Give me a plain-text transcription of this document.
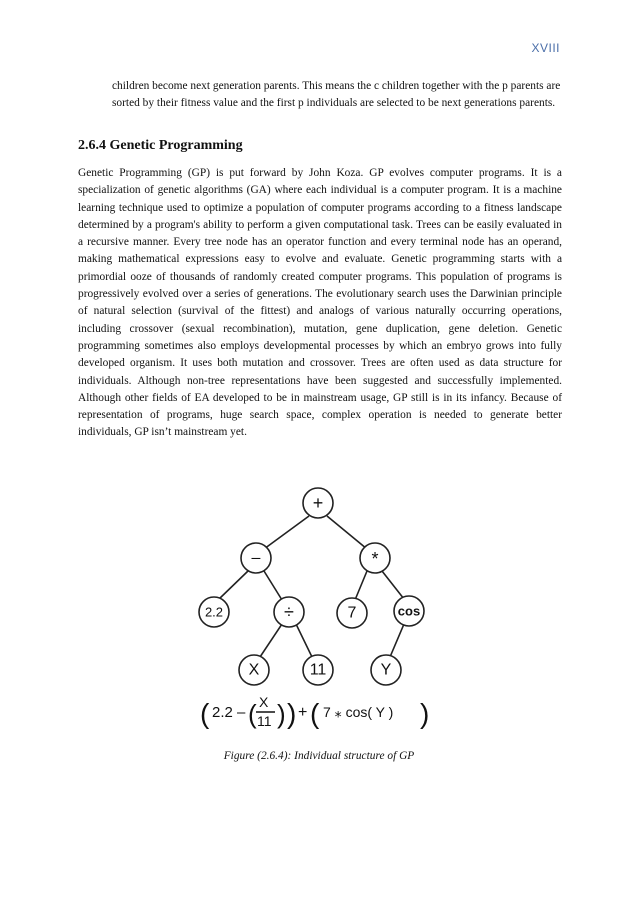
XVIII

children become next generation parents. This means the c children together with the p parents are sorted by their fitness value and the first p individuals are selected to be next generations parents.

2.6.4 Genetic Programming

Genetic Programming (GP) is put forward by John Koza. GP evolves computer programs. It is a specialization of genetic algorithms (GA) where each individual is a computer program. It is a machine learning technique used to optimize a population of computer programs according to a fitness landscape determined by a program's ability to perform a given computational task. Trees can be easily evaluated in a recursive manner. Every tree node has an operator function and every terminal node has an operand, making mathematical expressions easy to evolve and evaluate. Genetic programming starts with a primordial ooze of thousands of randomly created computer programs. This population of programs is progressively evolved over a series of generations. The evolutionary search uses the Darwinian principle of natural selection (survival of the fittest) and analogs of various naturally occurring operations, including crossover (sexual recombination), mutation, gene duplication, gene deletion. Genetic programming sometimes also employs developmental processes by which an embryo grows into fully developed organism. It uses both mutation and crossover. Trees are often used as data structure for individuals. Although non-tree representations have been suggested and successfully implemented. Although other fields of EA developed to be in mainstream usage, GP still is in its infancy. Because of representation of programs, huge search space, complex operation is needed to generate better individuals, GP isn’t mainstream yet.

+
–	*
2.2	÷	7	cos
X	11	Y
( 2.2 – ( X
11 ) ) + ( 7 ⁎ cos( Y ) )
Figure (2.6.4): Individual structure of GP
